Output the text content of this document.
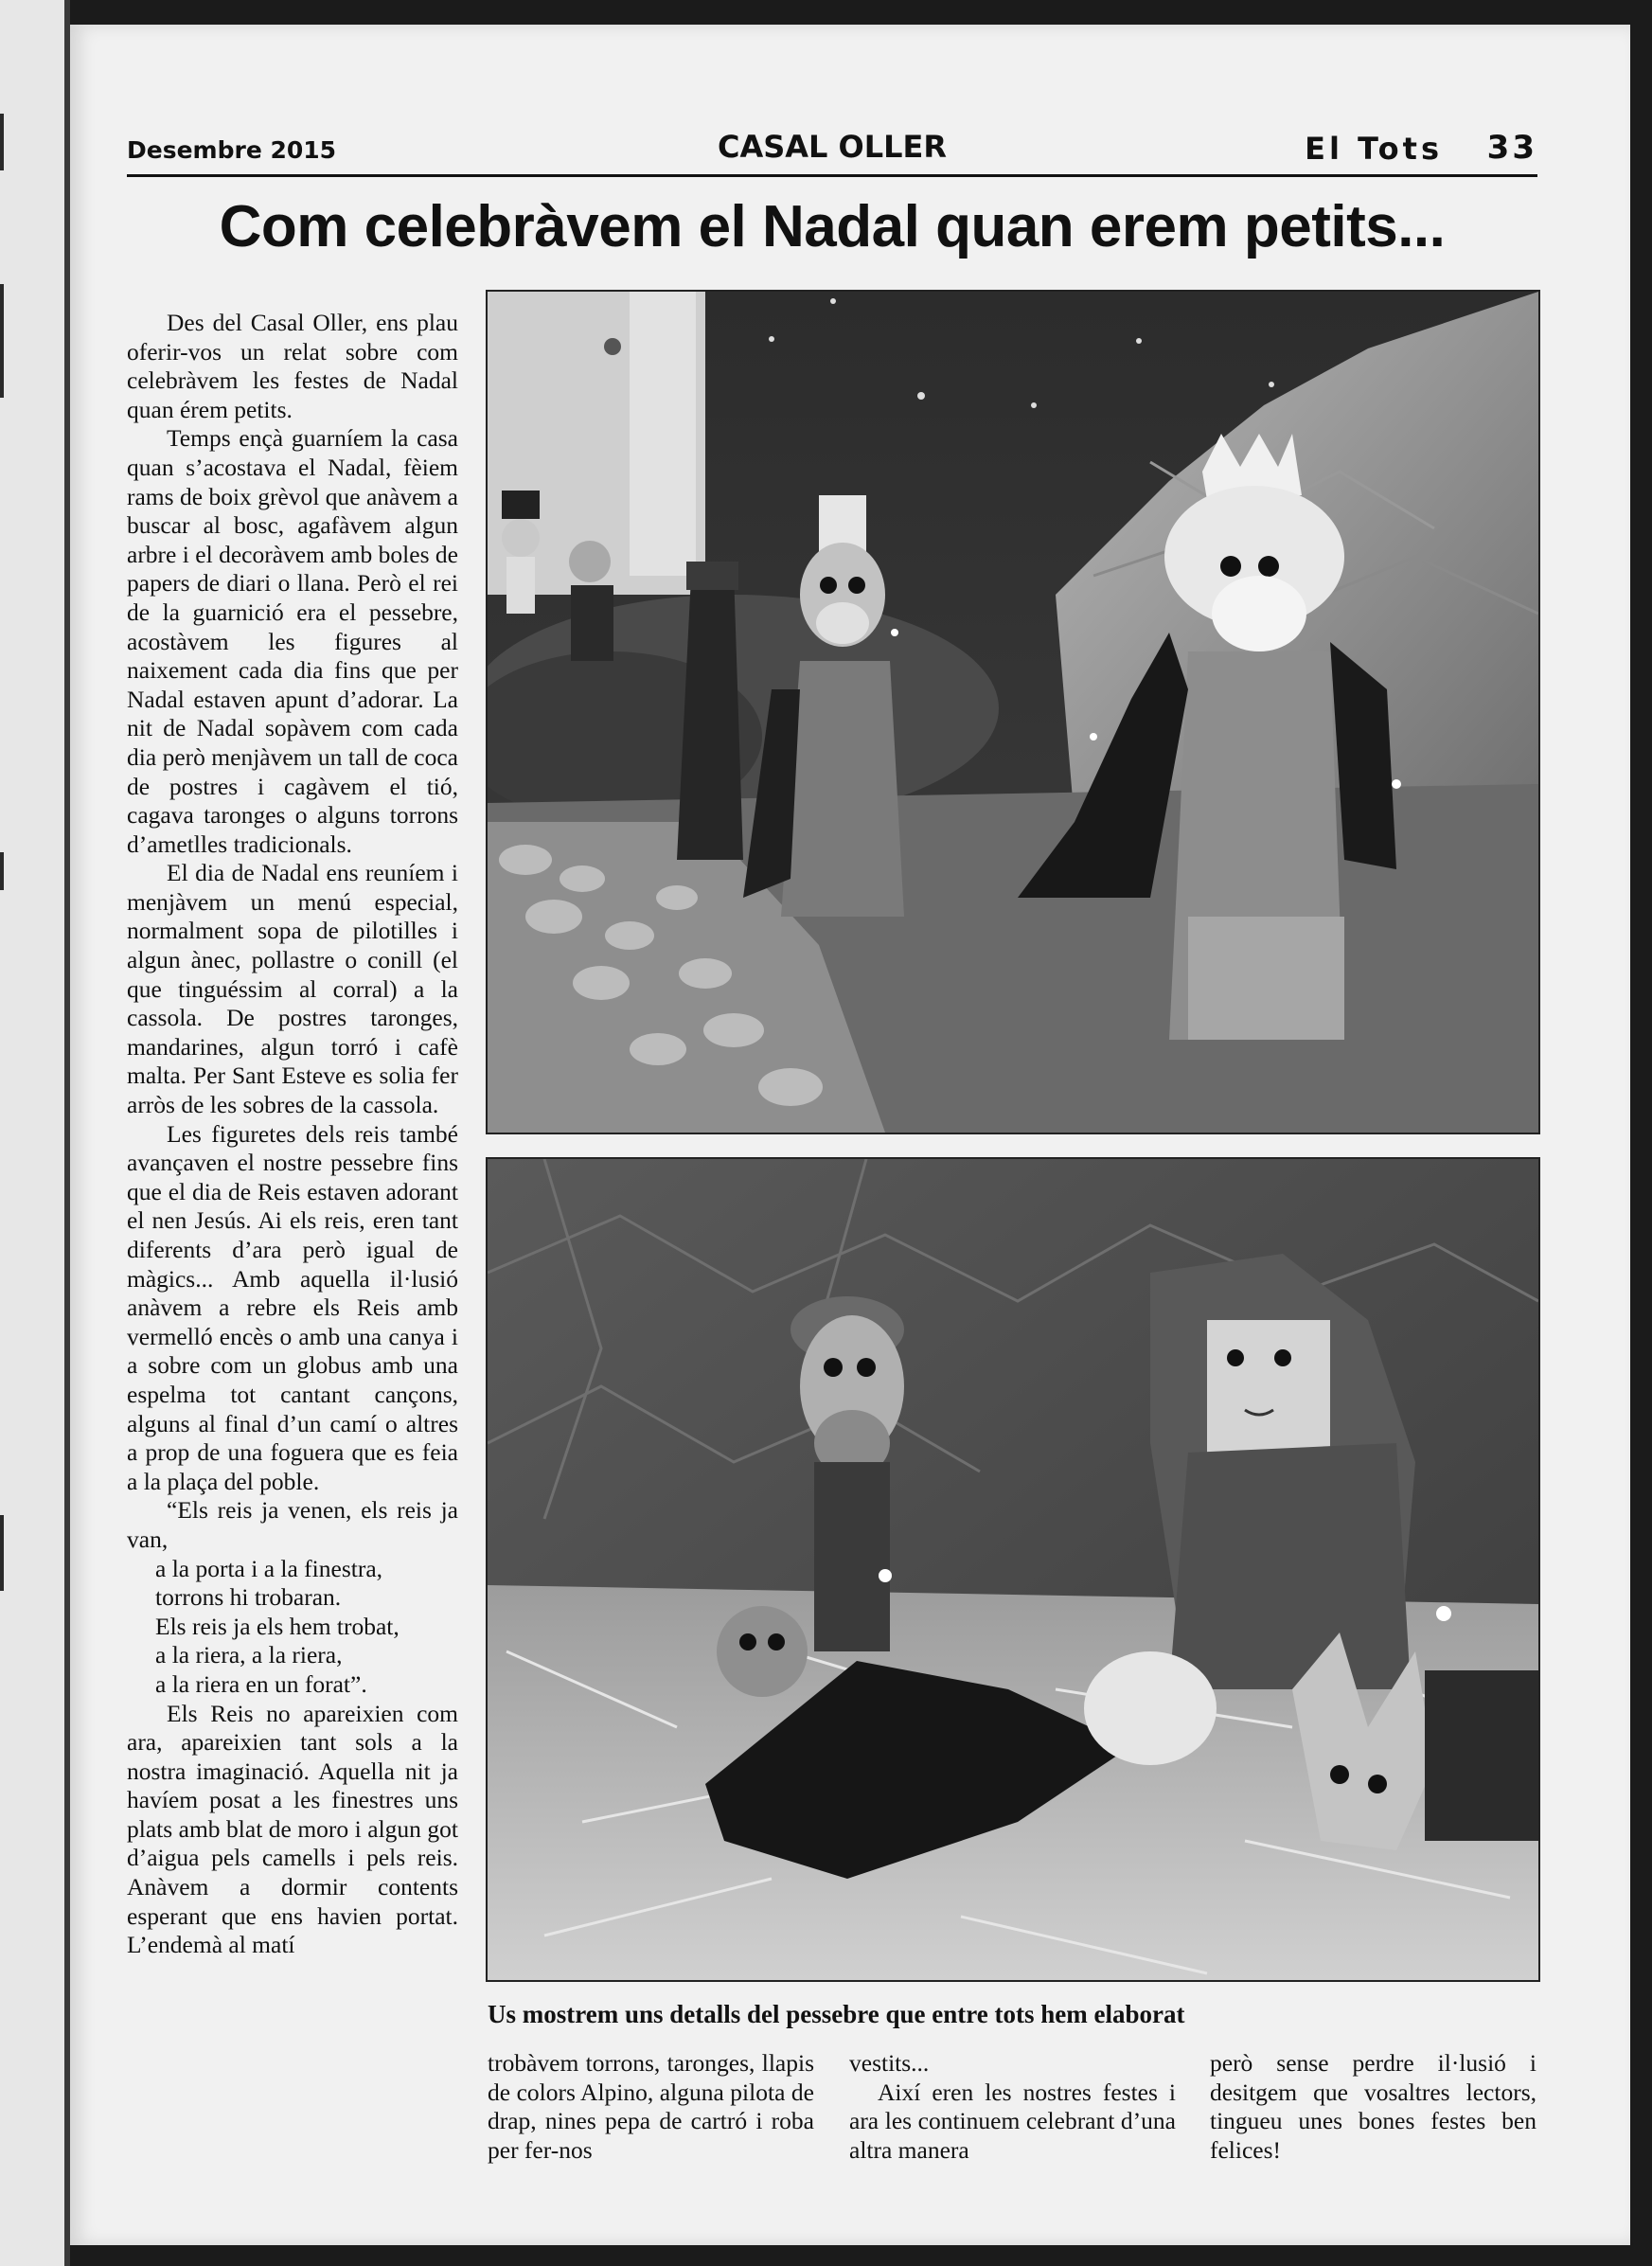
Desembre 2015	CASAL OLLER	El Tots 33
Com celebràvem el Nadal quan erem petits...

Des del Casal Oller, ens plau oferir-vos un relat sobre com celebràvem les festes de Nadal quan érem petits.

Temps ençà guarníem la casa quan s’acostava el Nadal, fèiem rams de boix grèvol que anàvem a buscar al bosc, agafàvem algun arbre i el decoràvem amb boles de papers de diari o llana. Però el rei de la guarnició era el pessebre, acostàvem les figures al naixement cada dia fins que per Nadal estaven apunt d’adorar. La nit de Nadal sopàvem com cada dia però menjàvem un tall de coca de postres i cagàvem el tió, cagava taronges o alguns torrons d’ametlles tradicionals.

El dia de Nadal ens reuníem i menjàvem un menú especial, normalment sopa de pilotilles i algun ànec, pollastre o conill (el que tinguéssim al corral) a la cassola. De postres taronges, mandarines, algun torró i cafè malta. Per Sant Esteve es solia fer arròs de les sobres de la cassola.

Les figuretes dels reis també avançaven el nostre pessebre fins que el dia de Reis estaven adorant el nen Jesús. Ai els reis, eren tant diferents d’ara però igual de màgics... Amb aquella il·lusió anàvem a rebre els Reis amb vermelló encès o amb una canya i a sobre com un globus amb una espelma tot cantant cançons, alguns al final d’un camí o altres a prop de una foguera que es feia a la plaça del poble.

“Els reis ja venen, els reis ja van,

a la porta i a la finestra,

torrons hi trobaran.

Els reis ja els hem trobat,

a la riera, a la riera,

a la riera en un forat”.

Els Reis no apareixien com ara, apareixien tant sols a la nostra imaginació. Aquella nit ja havíem posat a les finestres uns plats amb blat de moro i algun got d’aigua pels camells i pels reis. Anàvem a dormir contents esperant que ens havien portat. L’endemà al matí

Us mostrem uns detalls del pessebre que entre tots hem elaborat

trobàvem torrons, taronges, llapis de colors Alpino, alguna pilota de drap, nines pepa de cartró i roba per fer-nos

vestits...

Així eren les nostres festes i ara les continuem celebrant d’una altra manera

però sense perdre il·lusió i desitgem que vosaltres lectors, tingueu unes bones festes ben felices!
